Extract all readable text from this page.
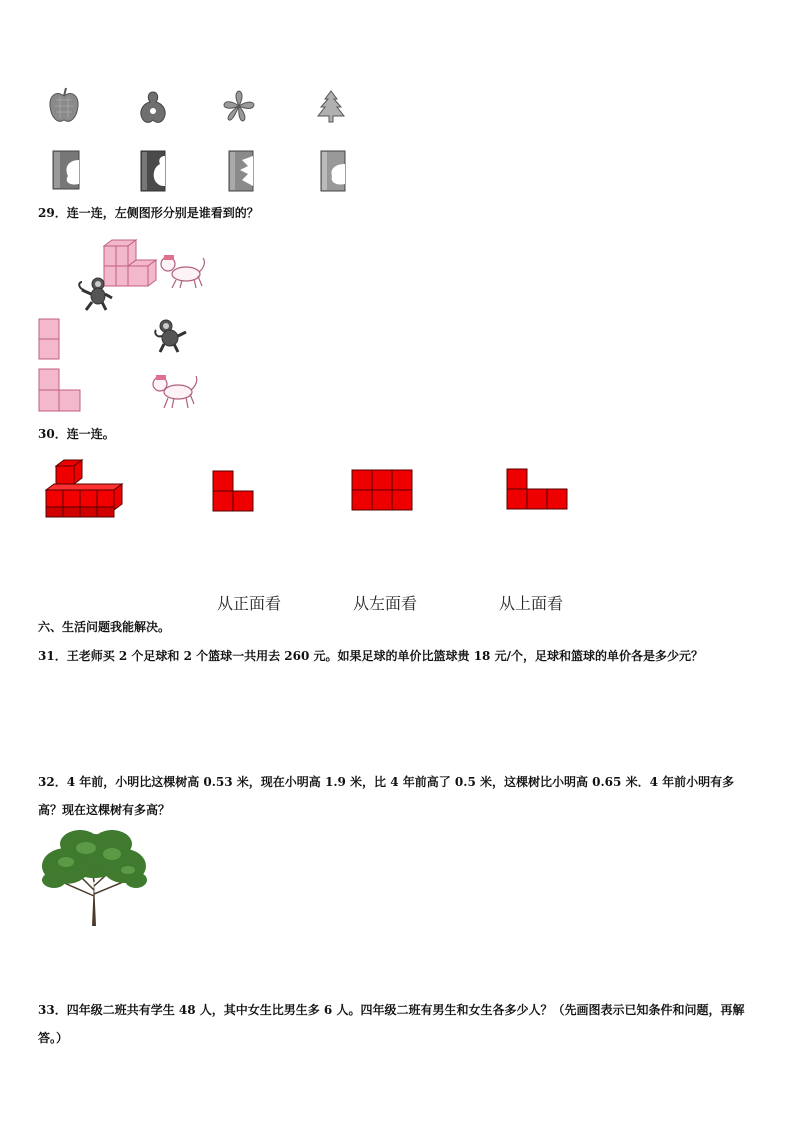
29．连一连，左侧图形分别是谁看到的？
30．连一连。
从正面看	从左面看	从上面看
六、生活问题我能解决。
31．王老师买 2 个足球和 2 个篮球一共用去 260 元。如果足球的单价比篮球贵 18 元/个，足球和篮球的单价各是多少元？
32．4 年前，小明比这棵树高 0.53 米，现在小明高 1.9 米，比 4 年前高了 0.5 米，这棵树比小明高 0.65 米．4 年前小明有多高？现在这棵树有多高？
33．四年级二班共有学生 48 人，其中女生比男生多 6 人。四年级二班有男生和女生各多少人？（先画图表示已知条件和问题，再解答。）
